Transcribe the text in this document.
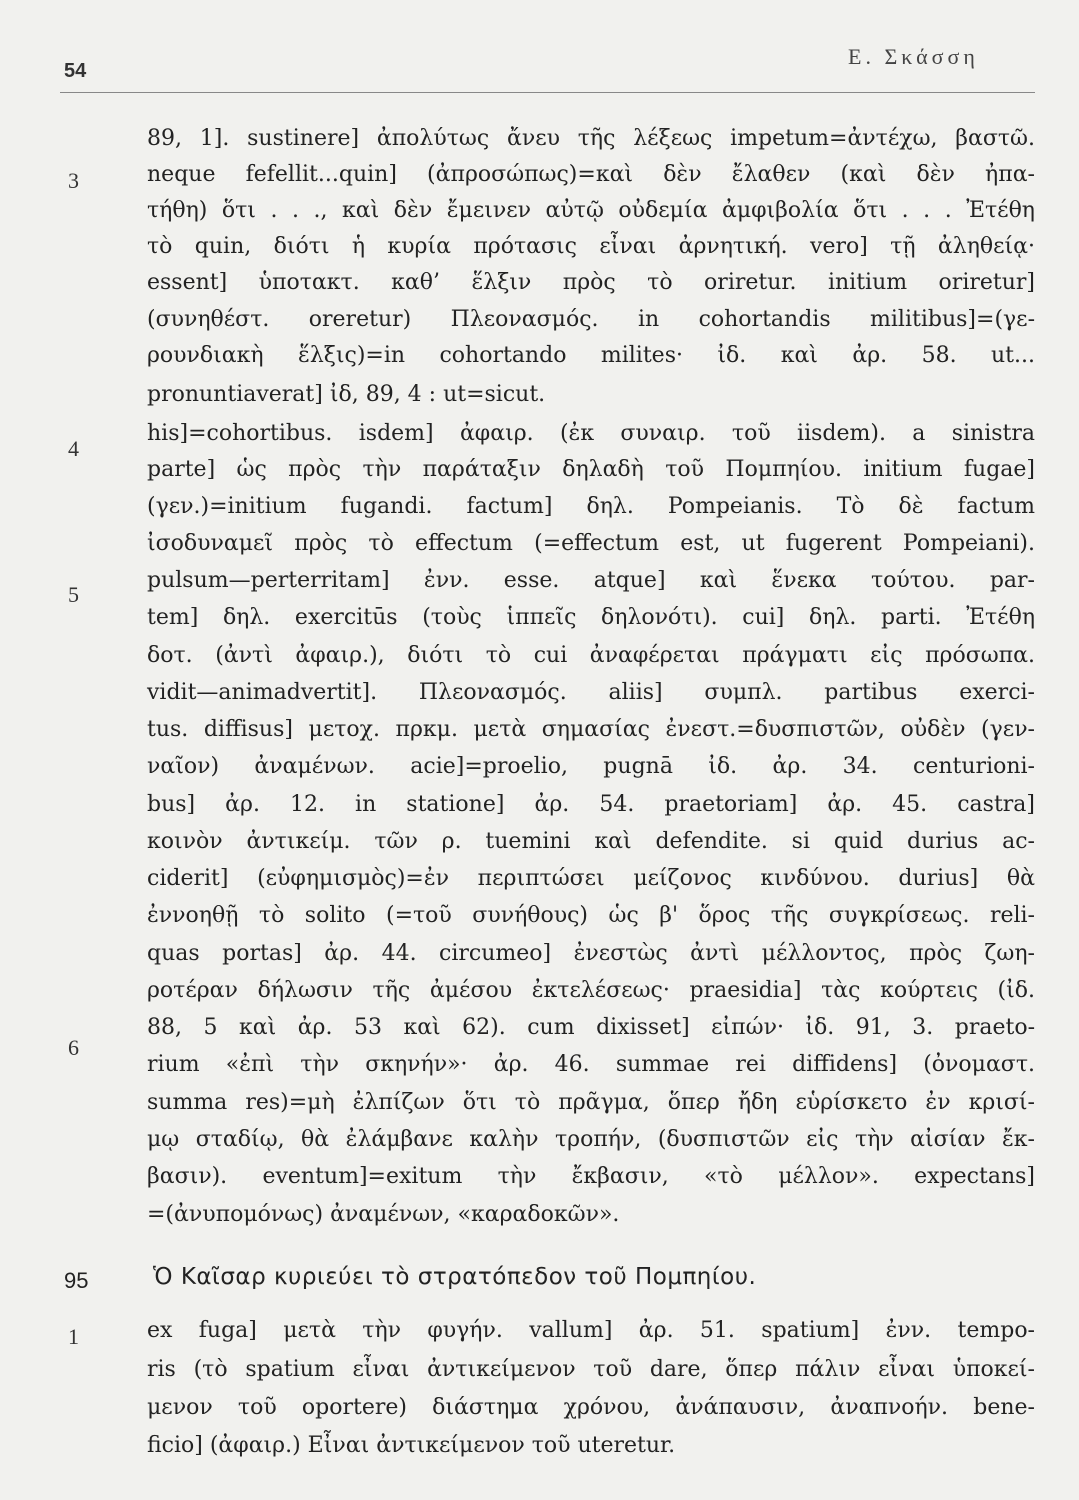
54
Ε. Σκάσση
3
4
5
6
89, 1]. sustinere] ἀπολύτως ἄνευ τῆς λέξεως impetum=ἀντέχω, βαστῶ.
neque fefellit...quin] (ἀπροσώπως)=καὶ δὲν ἔλαθεν (καὶ δὲν ἠπα-
τήθη) ὅτι . . ., καὶ δὲν ἔμεινεν αὐτῷ οὐδεμία ἀμφιβολία ὅτι . . . Ἐτέθη
τὸ quin, διότι ἡ κυρία πρότασις εἶναι ἀρνητική. vero] τῇ ἀληθείᾳ·
essent] ὑποτακτ. καθ’ ἕλξιν πρὸς τὸ oriretur. initium oriretur]
(συνηθέστ. oreretur) Πλεονασμός. in cohortandis militibus]=(γε-
ρουνδιακὴ ἕλξις)=in cohortando milites· ἰδ. καὶ ἀρ. 58. ut...
pronuntiaverat] ἰδ, 89, 4 : ut=sicut.
his]=cohortibus. isdem] ἀφαιρ. (ἐκ συναιρ. τοῦ iisdem). a sinistra
parte] ὡς πρὸς τὴν παράταξιν δηλαδὴ τοῦ Πομπηίου. initium fugae]
(γεν.)=initium fugandi. factum] δηλ. Pompeianis. Τὸ δὲ factum
ἰσοδυναμεῖ πρὸς τὸ effectum (=effectum est, ut fugerent Pompeiani).
pulsum—perterritam] ἐνν. esse. atque] καὶ ἕνεκα τούτου. par-
tem] δηλ. exercitūs (τοὺς ἱππεῖς δηλονότι). cui] δηλ. parti. Ἐτέθη
δοτ. (ἀντὶ ἀφαιρ.), διότι τὸ cui ἀναφέρεται πράγματι εἰς πρόσωπα.
vidit—animadvertit]. Πλεονασμός. aliis] συμπλ. partibus exerci-
tus. diffisus] μετοχ. πρκμ. μετὰ σημασίας ἐνεστ.=δυσπιστῶν, οὐδὲν (γεν-
ναῖον) ἀναμένων. acie]=proelio, pugnā ἰδ. ἀρ. 34. centurioni-
bus] ἀρ. 12. in statione] ἀρ. 54. praetoriam] ἀρ. 45. castra]
κοινὸν ἀντικείμ. τῶν ρ. tuemini καὶ defendite. si quid durius ac-
ciderit] (εὐφημισμὸς)=ἐν περιπτώσει μείζονος κινδύνου. durius] θὰ
ἐννοηθῇ τὸ solito (=τοῦ συνήθους) ὡς β' ὅρος τῆς συγκρίσεως. reli-
quas portas] ἀρ. 44. circumeo] ἐνεστὼς ἀντὶ μέλλοντος, πρὸς ζωη-
ροτέραν δήλωσιν τῆς ἀμέσου ἐκτελέσεως· praesidia] τὰς κούρτεις (ἰδ.
88, 5 καὶ ἀρ. 53 καὶ 62). cum dixisset] εἰπών· ἰδ. 91, 3. praeto-
rium «ἐπὶ τὴν σκηνήν»· ἀρ. 46. summae rei diffidens] (ὀνομαστ.
summa res)=μὴ ἐλπίζων ὅτι τὸ πρᾶγμα, ὅπερ ἤδη εὑρίσκετο ἐν κρισί-
μῳ σταδίῳ, θὰ ἐλάμβανε καλὴν τροπήν, (δυσπιστῶν εἰς τὴν αἰσίαν ἔκ-
βασιν). eventum]=exitum τὴν ἔκβασιν, «τὸ μέλλον». expectans]
=(ἀνυπομόνως) ἀναμένων, «καραδοκῶν».
95	Ὁ Καῖσαρ κυριεύει τὸ στρατόπεδον τοῦ Πομπηίου.
1	ex fuga] μετὰ τὴν φυγήν. vallum] ἀρ. 51. spatium] ἐνν. tempo-
ris (τὸ spatium εἶναι ἀντικείμενον τοῦ dare, ὅπερ πάλιν εἶναι ὑποκεί-
μενον τοῦ oportere) διάστημα χρόνου, ἀνάπαυσιν, ἀναπνοήν. bene-
ficio] (ἀφαιρ.) Εἶναι ἀντικείμενον τοῦ uteretur.
